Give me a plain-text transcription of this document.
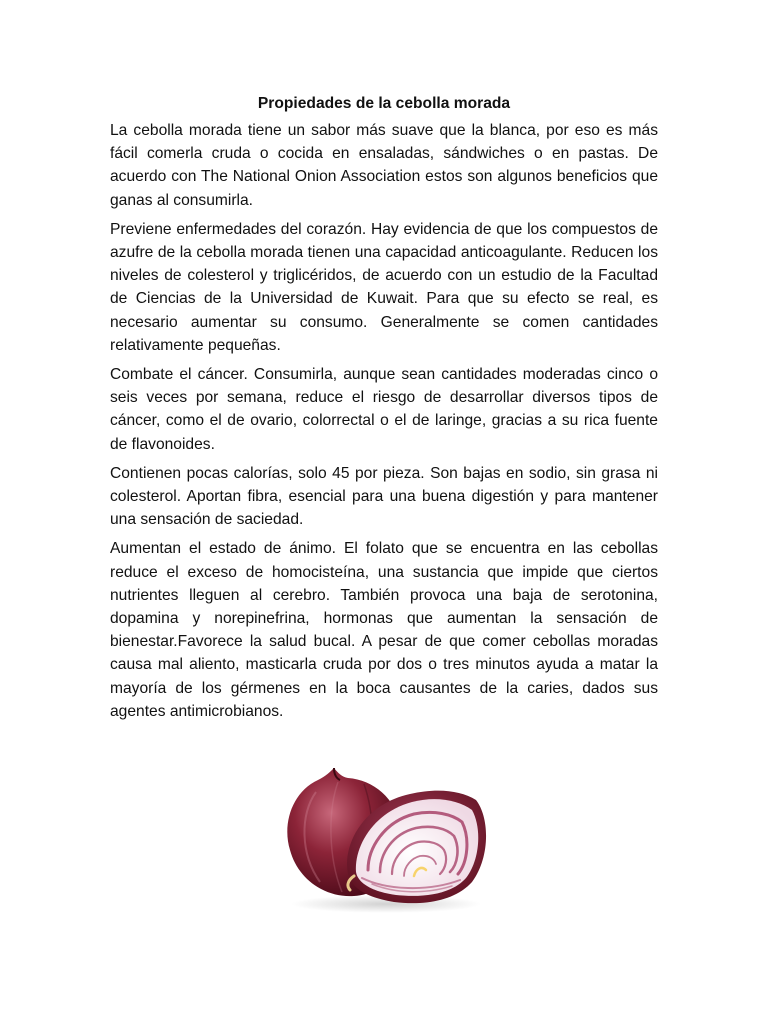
Propiedades de la cebolla morada

La cebolla morada tiene un sabor más suave que la blanca, por eso es más fácil comerla cruda o cocida en ensaladas, sándwiches o en pastas. De acuerdo con The National Onion Association estos son algunos beneficios que ganas al consumirla.

Previene enfermedades del corazón. Hay evidencia de que los compuestos de azufre de la cebolla morada tienen una capacidad anticoagulante. Reducen los niveles de colesterol y triglicéridos, de acuerdo con un estudio de la Facultad de Ciencias de la Universidad de Kuwait. Para que su efecto se real, es necesario aumentar su consumo. Generalmente se comen cantidades relativamente pequeñas.

Combate el cáncer. Consumirla, aunque sean cantidades moderadas cinco o seis veces por semana, reduce el riesgo de desarrollar diversos tipos de cáncer, como el de ovario, colorrectal o el de laringe, gracias a su rica fuente de flavonoides.

Contienen pocas calorías, solo 45 por pieza. Son bajas en sodio, sin grasa ni colesterol. Aportan fibra, esencial para una buena digestión y para mantener una sensación de saciedad.

Aumentan el estado de ánimo. El folato que se encuentra en las cebollas reduce el exceso de homocisteína, una sustancia que impide que ciertos nutrientes lleguen al cerebro. También provoca una baja de serotonina, dopamina y norepinefrina, hormonas que aumentan la sensación de bienestar.Favorece la salud bucal. A pesar de que comer cebollas moradas causa mal aliento, masticarla cruda por dos o tres minutos ayuda a matar la mayoría de los gérmenes en la boca causantes de la caries, dados sus agentes antimicrobianos.
